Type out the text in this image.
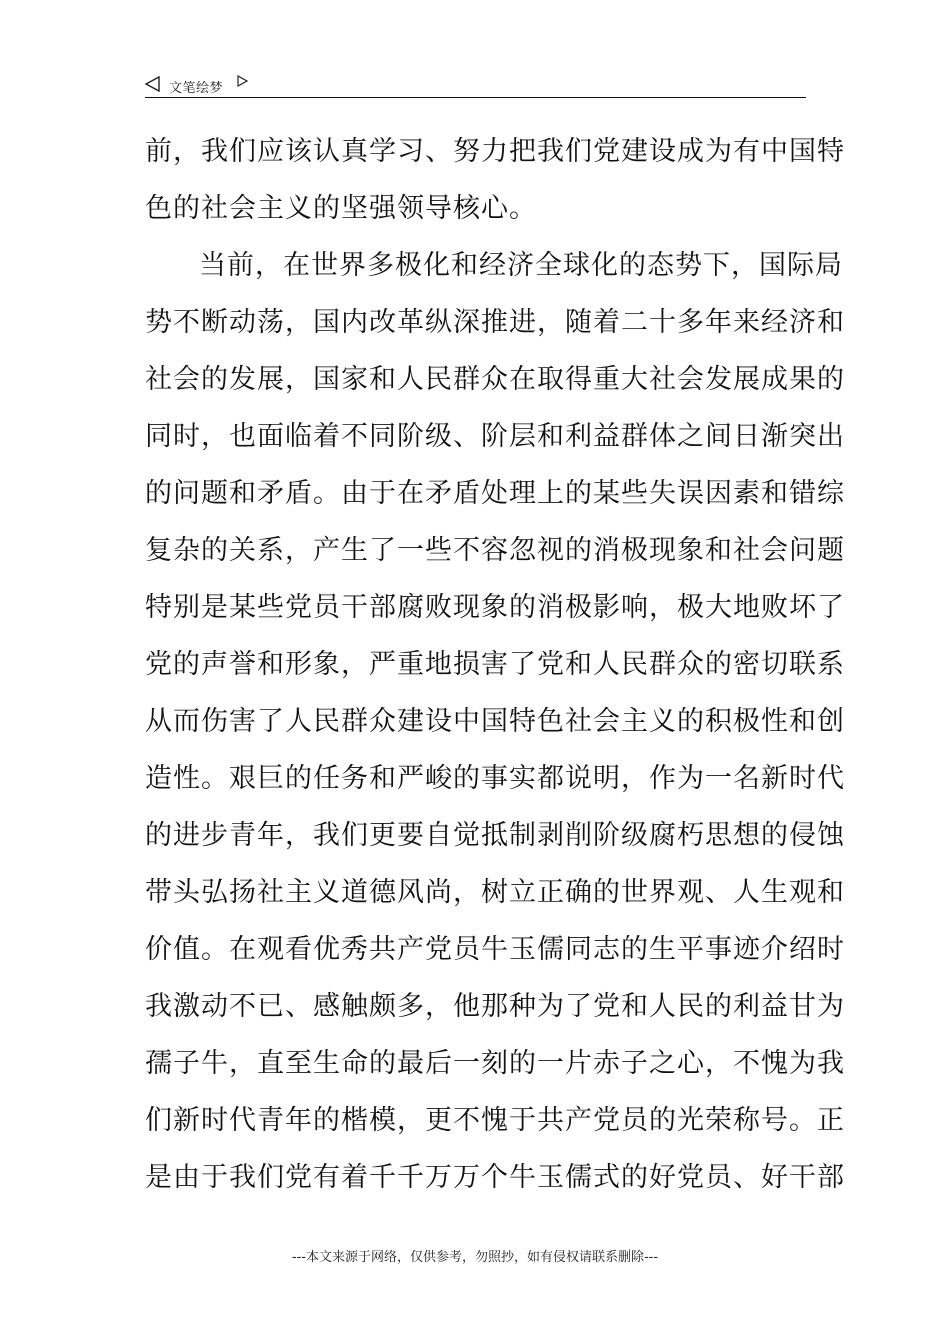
文笔绘梦
前，我们应该认真学习、努力把我们党建设成为有中国特
色的社会主义的坚强领导核心。
当前，在世界多极化和经济全球化的态势下，国际局
势不断动荡，国内改革纵深推进，随着二十多年来经济和
社会的发展，国家和人民群众在取得重大社会发展成果的
同时，也面临着不同阶级、阶层和利益群体之间日渐突出
的问题和矛盾。由于在矛盾处理上的某些失误因素和错综
复杂的关系，产生了一些不容忽视的消极现象和社会问题
特别是某些党员干部腐败现象的消极影响，极大地败坏了
党的声誉和形象，严重地损害了党和人民群众的密切联系
从而伤害了人民群众建设中国特色社会主义的积极性和创
造性。艰巨的任务和严峻的事实都说明，作为一名新时代
的进步青年，我们更要自觉抵制剥削阶级腐朽思想的侵蚀
带头弘扬社主义道德风尚，树立正确的世界观、人生观和
价值。在观看优秀共产党员牛玉儒同志的生平事迹介绍时
我激动不已、感触颇多，他那种为了党和人民的利益甘为
孺子牛，直至生命的最后一刻的一片赤子之心，不愧为我
们新时代青年的楷模，更不愧于共产党员的光荣称号。正
是由于我们党有着千千万万个牛玉儒式的好党员、好干部
---本文来源于网络，仅供参考，勿照抄，如有侵权请联系删除---
